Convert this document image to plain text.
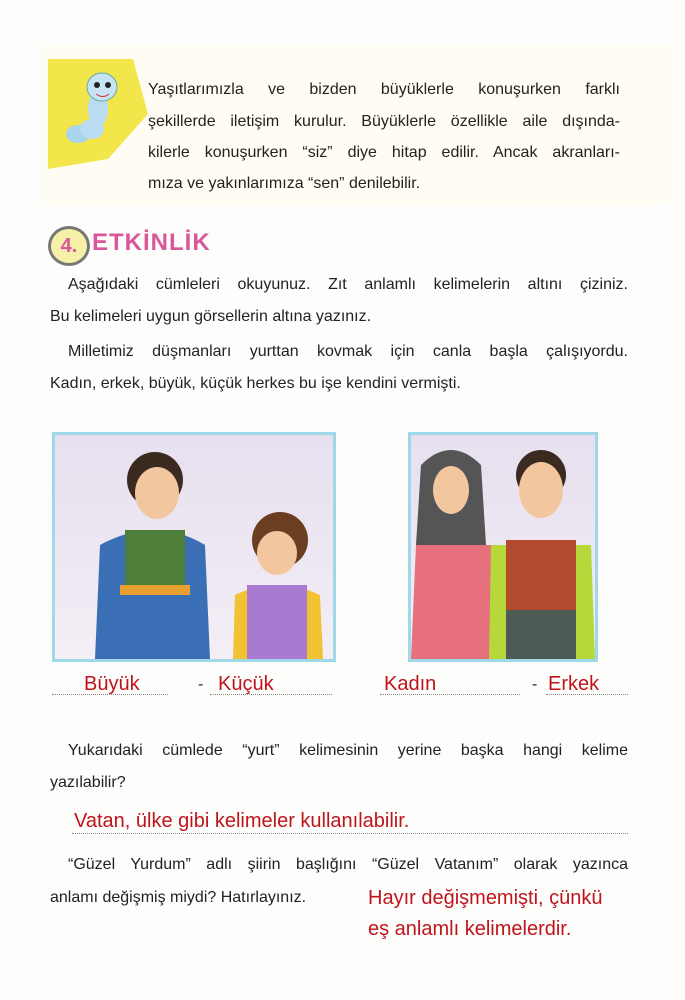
Yaşıtlarımızla ve bizden büyüklerle konuşurken farklı
şekillerde iletişim kurulur. Büyüklerle özellikle aile dışında-
kilerle konuşurken “siz” diye hitap edilir. Ancak akranları-
mıza ve yakınlarımıza “sen” denilebilir.
4. ETKİNLİK
Aşağıdaki cümleleri okuyunuz. Zıt anlamlı kelimelerin altını çiziniz.
Bu kelimeleri uygun görsellerin altına yazınız.
Milletimiz düşmanları yurttan kovmak için canla başla çalışıyordu.
Kadın, erkek, büyük, küçük herkes bu işe kendini vermişti.
Büyük	- Küçük	Kadın	- Erkek
Yukarıdaki cümlede “yurt” kelimesinin yerine başka hangi kelime
yazılabilir?
Vatan, ülke gibi kelimeler kullanılabilir.
“Güzel Yurdum” adlı şiirin başlığını “Güzel Vatanım” olarak yazınca
anlamı değişmiş miydi? Hatırlayınız.	Hayır değişmemişti, çünkü
eş anlamlı kelimelerdir.
